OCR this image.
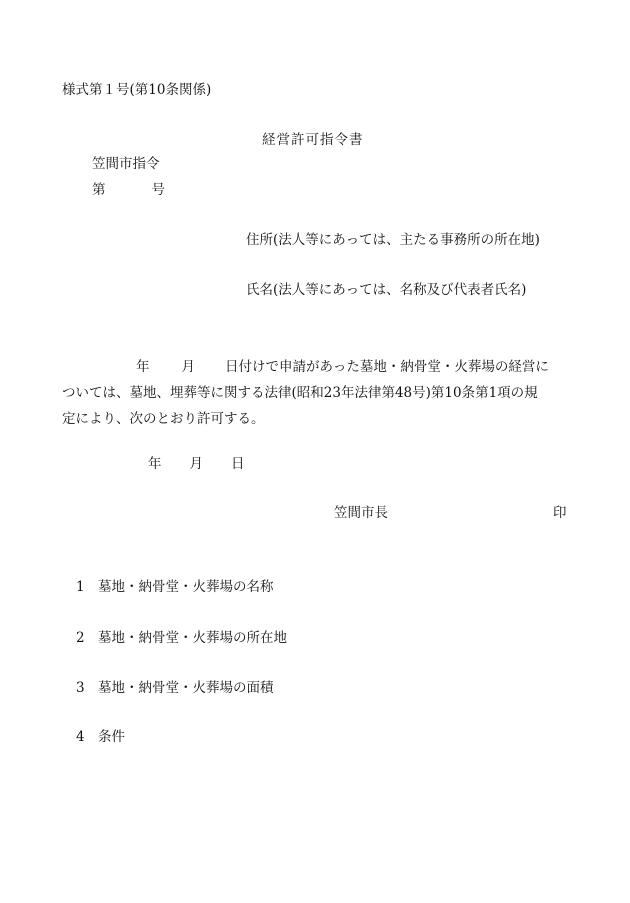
様式第１号(第10条関係)
経営許可指令書
笠間市指令
第	号
住所(法人等にあっては、主たる事務所の所在地)
氏名(法人等にあっては、名称及び代表者氏名)
年 月 日付けで申請があった墓地・納骨堂・火葬場の経営に
ついては、墓地、埋葬等に関する法律(昭和23年法律第48号)第10条第1項の規
定により、次のとおり許可する。
年 月 日
笠間市長	印
1 墓地・納骨堂・火葬場の名称
2 墓地・納骨堂・火葬場の所在地
3 墓地・納骨堂・火葬場の面積
4 条件
